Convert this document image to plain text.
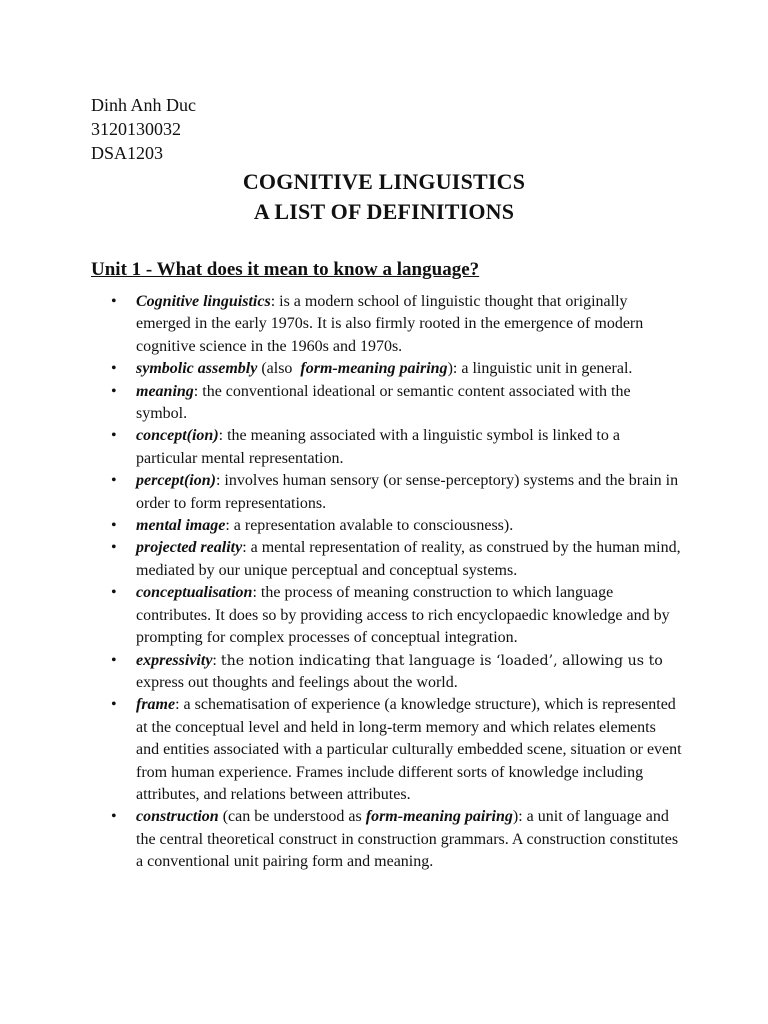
Dinh Anh Duc
3120130032
DSA1203
COGNITIVE LINGUISTICS
A LIST OF DEFINITIONS
Unit 1 - What does it mean to know a language?
• Cognitive linguistics: is a modern school of linguistic thought that originally emerged in the early 1970s. It is also firmly rooted in the emergence of modern cognitive science in the 1960s and 1970s.
• symbolic assembly (also  form-meaning pairing): a linguistic unit in general.
• meaning: the conventional ideational or semantic content associated with the symbol.
• concept(ion): the meaning associated with a linguistic symbol is linked to a particular mental representation.
• percept(ion): involves human sensory (or sense-perceptory) systems and the brain in order to form representations.
• mental image: a representation avalable to consciousness).
• projected reality: a mental representation of reality, as construed by the human mind, mediated by our unique perceptual and conceptual systems.
• conceptualisation: the process of meaning construction to which language contributes. It does so by providing access to rich encyclopaedic knowledge and by prompting for complex processes of conceptual integration.
• expressivity: the notion indicating that language is ‘loaded’, allowing us to express out thoughts and feelings about the world.
• frame: a schematisation of experience (a knowledge structure), which is represented at the conceptual level and held in long-term memory and which relates elements and entities associated with a particular culturally embedded scene, situation or event from human experience. Frames include different sorts of knowledge including attributes, and relations between attributes.
• construction (can be understood as form-meaning pairing): a unit of language and the central theoretical construct in construction grammars. A construction constitutes a conventional unit pairing form and meaning.
